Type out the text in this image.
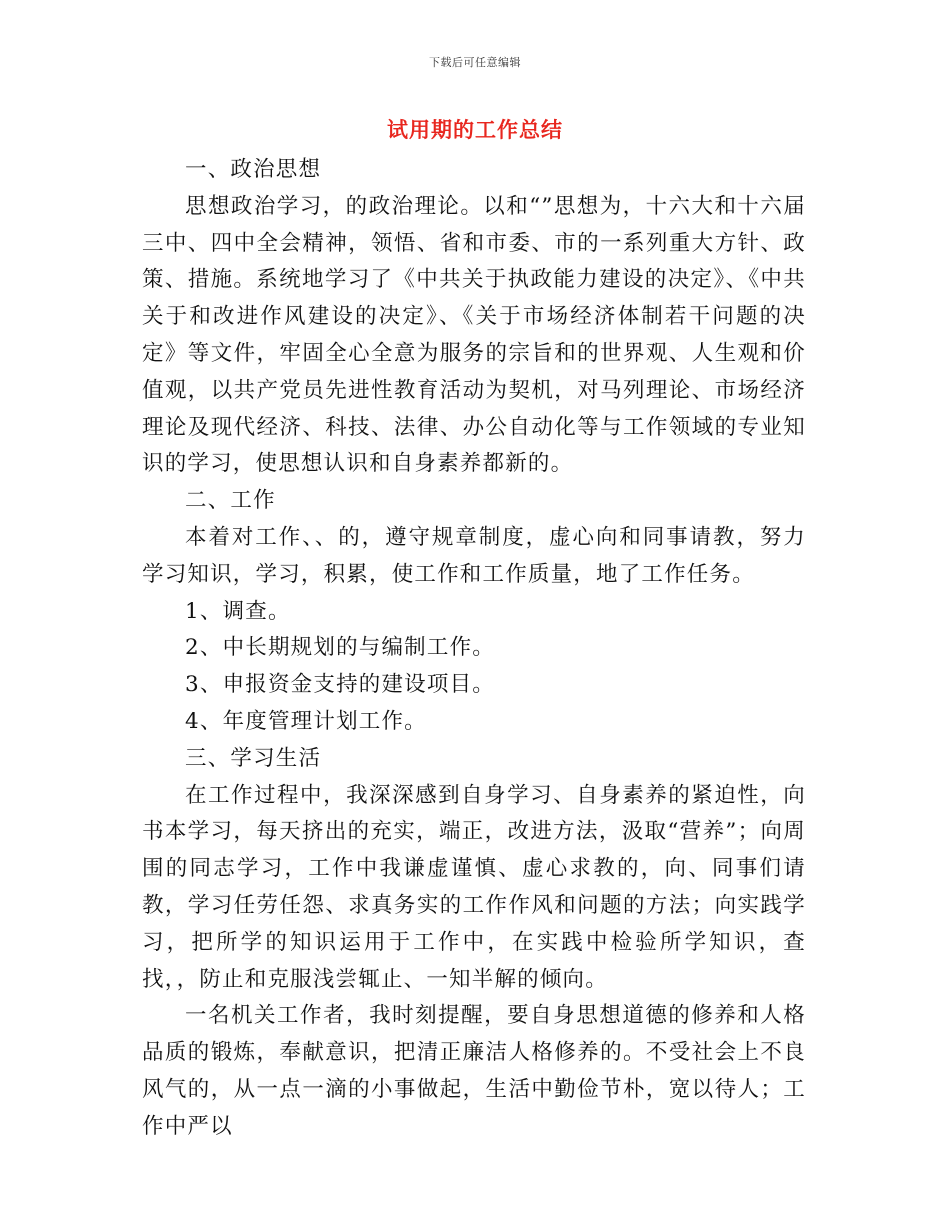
下载后可任意编辑
试用期的工作总结

一、政治思想

思想政治学习，的政治理论。以和“”思想为，十六大和十六届三中、四中全会精神，领悟、省和市委、市的一系列重大方针、政策、措施。系统地学习了《中共关于执政能力建设的决定》、《中共关于和改进作风建设的决定》、《关于市场经济体制若干问题的决定》等文件，牢固全心全意为服务的宗旨和的世界观、人生观和价值观，以共产党员先进性教育活动为契机，对马列理论、市场经济理论及现代经济、科技、法律、办公自动化等与工作领域的专业知识的学习，使思想认识和自身素养都新的。

二、工作

本着对工作、、的，遵守规章制度，虚心向和同事请教，努力学习知识，学习，积累，使工作和工作质量，地了工作任务。

1、调查。

2、中长期规划的与编制工作。

3、申报资金支持的建设项目。

4、年度管理计划工作。

三、学习生活

在工作过程中，我深深感到自身学习、自身素养的紧迫性，向书本学习，每天挤出的充实，端正，改进方法，汲取“营养”；向周围的同志学习，工作中我谦虚谨慎、虚心求教的，向、同事们请教，学习任劳任怨、求真务实的工作作风和问题的方法；向实践学习，把所学的知识运用于工作中，在实践中检验所学知识，查找，，防止和克服浅尝辄止、一知半解的倾向。

一名机关工作者，我时刻提醒，要自身思想道德的修养和人格品质的锻炼，奉献意识，把清正廉洁人格修养的。不受社会上不良风气的，从一点一滴的小事做起，生活中勤俭节朴，宽以待人；工作中严以
